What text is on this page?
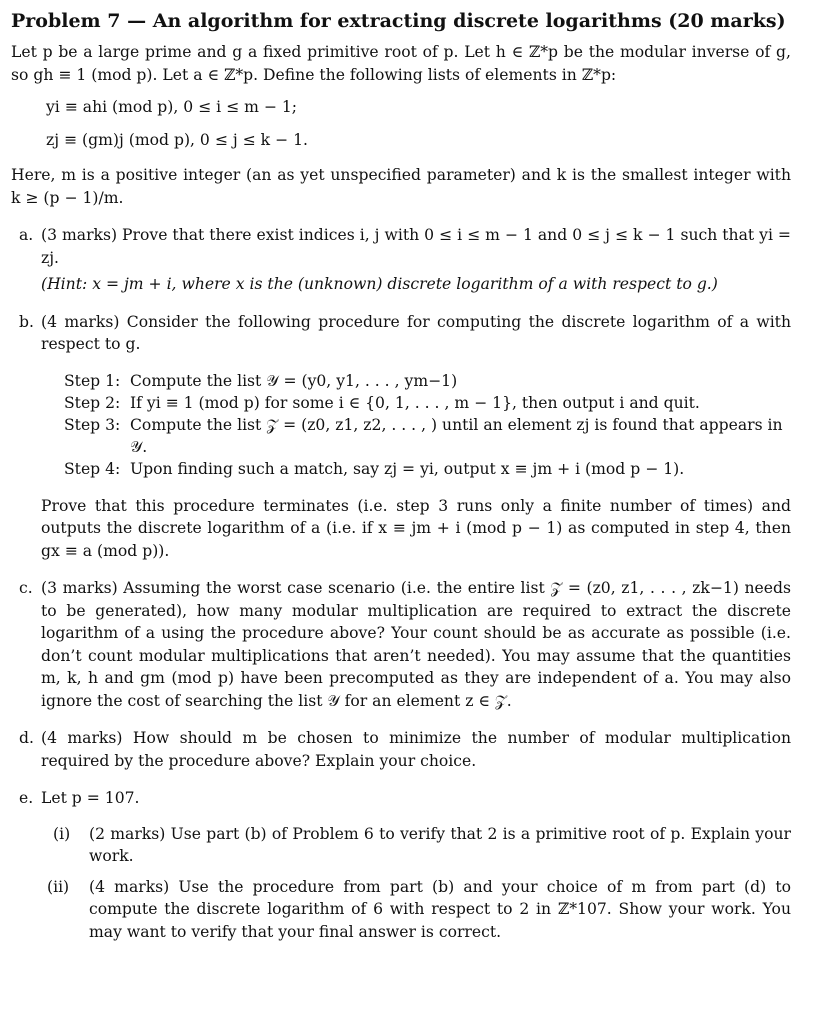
Problem 7 — An algorithm for extracting discrete logarithms (20 marks)

Let p be a large prime and g a fixed primitive root of p. Let h ∈ ℤ*p be the modular inverse of g, so gh ≡ 1 (mod p). Let a ∈ ℤ*p. Define the following lists of elements in ℤ*p:

yi ≡ ahi (mod p), 0 ≤ i ≤ m − 1;

zj ≡ (gm)j (mod p), 0 ≤ j ≤ k − 1.

Here, m is a positive integer (an as yet unspecified parameter) and k is the smallest integer with k ≥ (p − 1)/m.

a. (3 marks) Prove that there exist indices i, j with 0 ≤ i ≤ m − 1 and 0 ≤ j ≤ k − 1 such that yi = zj.

(Hint: x = jm + i, where x is the (unknown) discrete logarithm of a with respect to g.)

b. (4 marks) Consider the following procedure for computing the discrete logarithm of a with respect to g.

Step 1: Compute the list 𝒴 = (y0, y1, . . . , ym−1)
Step 2: If yi ≡ 1 (mod p) for some i ∈ {0, 1, . . . , m − 1}, then output i and quit.
Step 3: Compute the list 𝒵 = (z0, z1, z2, . . . , ) until an element zj is found that appears in 𝒴.
Step 4: Upon finding such a match, say zj = yi, output x ≡ jm + i (mod p − 1).

Prove that this procedure terminates (i.e. step 3 runs only a finite number of times) and outputs the discrete logarithm of a (i.e. if x ≡ jm + i (mod p − 1) as computed in step 4, then gx ≡ a (mod p)).

c. (3 marks) Assuming the worst case scenario (i.e. the entire list 𝒵 = (z0, z1, . . . , zk−1) needs to be generated), how many modular multiplication are required to extract the discrete logarithm of a using the procedure above? Your count should be as accurate as possible (i.e. don’t count modular multiplications that aren’t needed). You may assume that the quantities m, k, h and gm (mod p) have been precomputed as they are independent of a. You may also ignore the cost of searching the list 𝒴 for an element z ∈ 𝒵.

d. (4 marks) How should m be chosen to minimize the number of modular multiplication required by the procedure above? Explain your choice.

e. Let p = 107.

(i) (2 marks) Use part (b) of Problem 6 to verify that 2 is a primitive root of p. Explain your work.

(ii) (4 marks) Use the procedure from part (b) and your choice of m from part (d) to compute the discrete logarithm of 6 with respect to 2 in ℤ*107. Show your work. You may want to verify that your final answer is correct.
